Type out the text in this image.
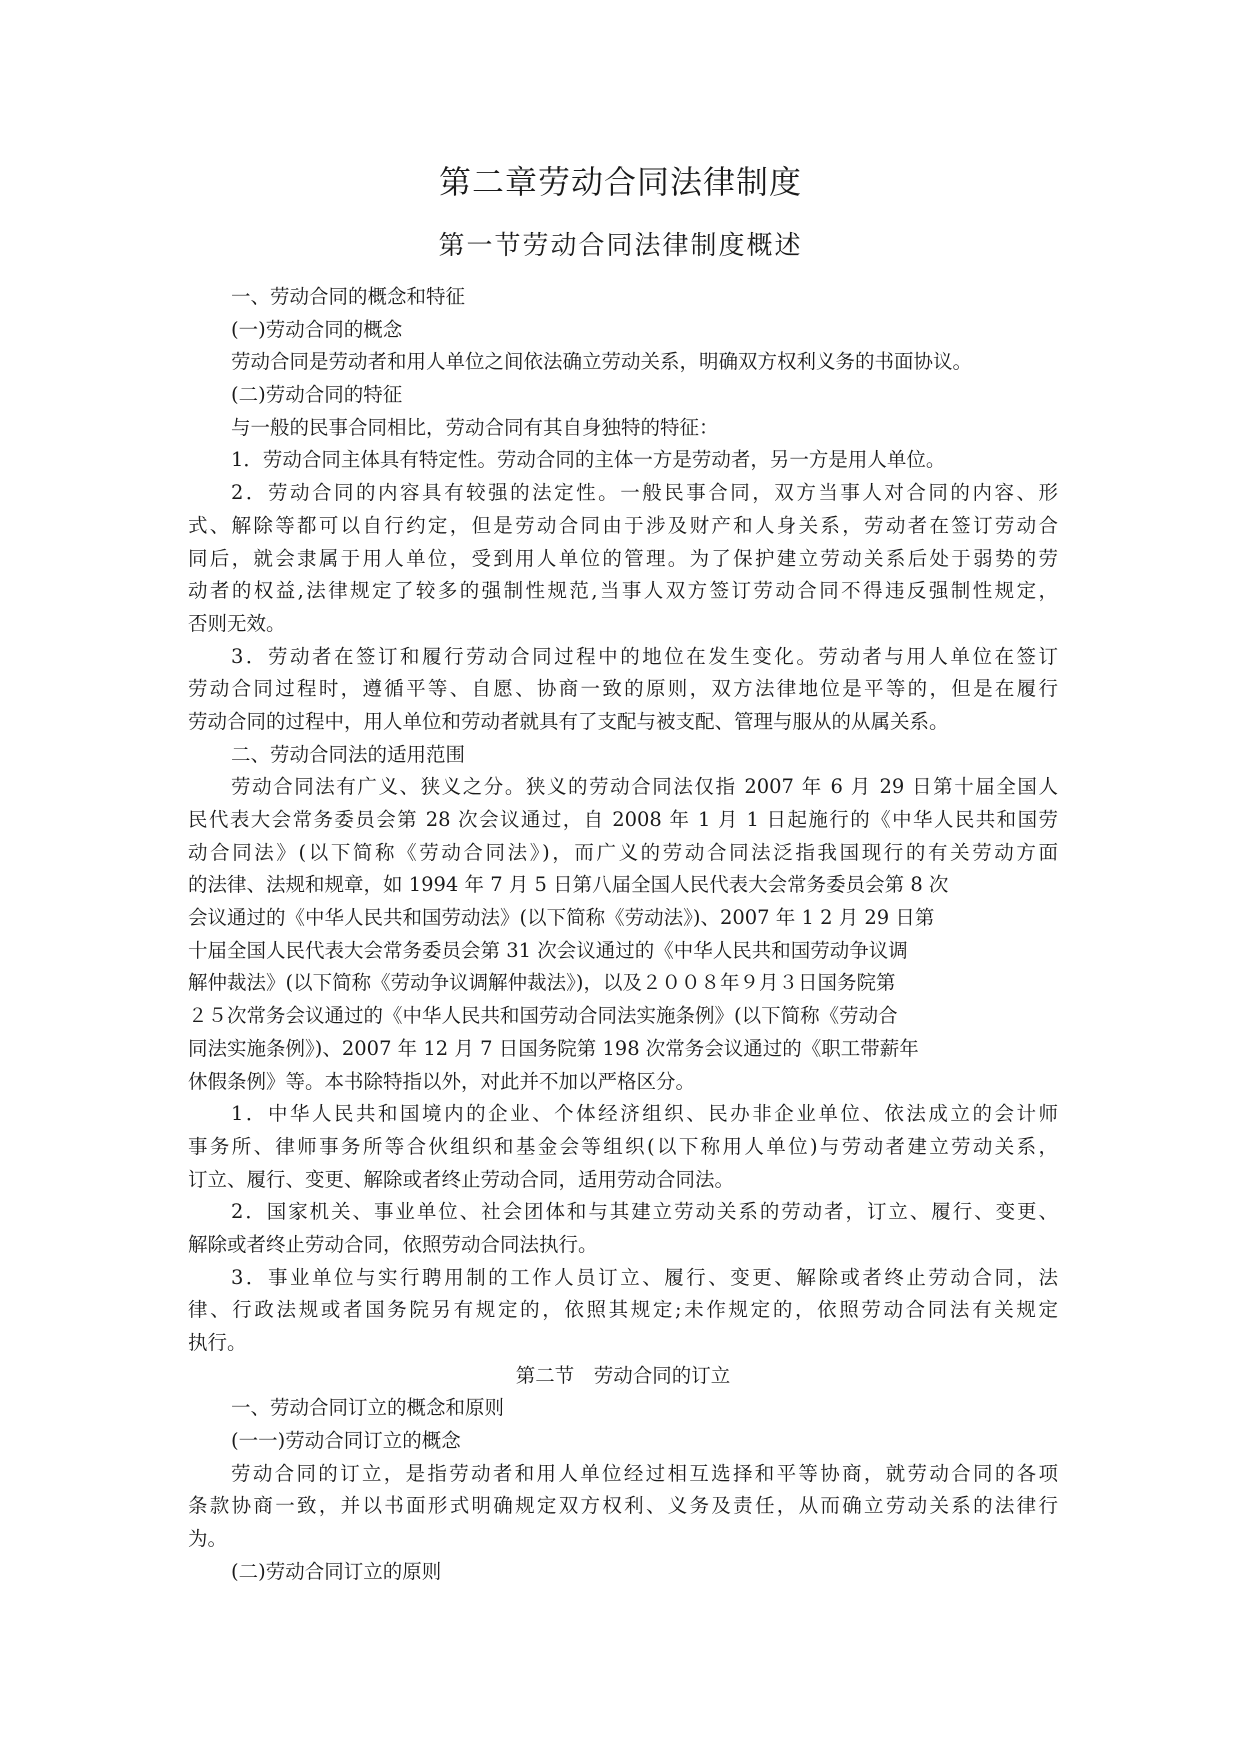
第二章劳动合同法律制度
第一节劳动合同法律制度概述
一、劳动合同的概念和特征
(一)劳动合同的概念
劳动合同是劳动者和用人单位之间依法确立劳动关系，明确双方权利义务的书面协议。
(二)劳动合同的特征
与一般的民事合同相比，劳动合同有其自身独特的特征：
1．劳动合同主体具有特定性。劳动合同的主体一方是劳动者，另一方是用人单位。
2．劳动合同的内容具有较强的法定性。一般民事合同，双方当事人对合同的内容、形
式、解除等都可以自行约定，但是劳动合同由于涉及财产和人身关系，劳动者在签订劳动合
同后，就会隶属于用人单位，受到用人单位的管理。为了保护建立劳动关系后处于弱势的劳
动者的权益,法律规定了较多的强制性规范,当事人双方签订劳动合同不得违反强制性规定，
否则无效。
3．劳动者在签订和履行劳动合同过程中的地位在发生变化。劳动者与用人单位在签订
劳动合同过程时，遵循平等、自愿、协商一致的原则，双方法律地位是平等的，但是在履行
劳动合同的过程中，用人单位和劳动者就具有了支配与被支配、管理与服从的从属关系。
二、劳动合同法的适用范围
劳动合同法有广义、狭义之分。狭义的劳动合同法仅指 2007 年 6 月 29 日第十届全国人
民代表大会常务委员会第 28 次会议通过，自 2008 年 1 月 1 日起施行的《中华人民共和国劳
动合同法》(以下简称《劳动合同法》)，而广义的劳动合同法泛指我国现行的有关劳动方面
的法律、法规和规章，如 1994 年 7 月 5 日第八届全国人民代表大会常务委员会第 8 次
会议通过的《中华人民共和国劳动法》(以下简称《劳动法》)、2007 年 1 2 月 29 日第
十届全国人民代表大会常务委员会第 31 次会议通过的《中华人民共和国劳动争议调
解仲裁法》(以下简称《劳动争议调解仲裁法》)，以及２００８年９月３日国务院第
２５次常务会议通过的《中华人民共和国劳动合同法实施条例》(以下简称《劳动合
同法实施条例》)、2007 年 12 月 7 日国务院第 198 次常务会议通过的《职工带薪年
休假条例》等。本书除特指以外，对此并不加以严格区分。
1．中华人民共和国境内的企业、个体经济组织、民办非企业单位、依法成立的会计师
事务所、律师事务所等合伙组织和基金会等组织(以下称用人单位)与劳动者建立劳动关系，
订立、履行、变更、解除或者终止劳动合同，适用劳动合同法。
2．国家机关、事业单位、社会团体和与其建立劳动关系的劳动者，订立、履行、变更、
解除或者终止劳动合同，依照劳动合同法执行。
3．事业单位与实行聘用制的工作人员订立、履行、变更、解除或者终止劳动合同，法
律、行政法规或者国务院另有规定的，依照其规定;未作规定的，依照劳动合同法有关规定
执行。
第二节　劳动合同的订立
一、劳动合同订立的概念和原则
(一一)劳动合同订立的概念
劳动合同的订立，是指劳动者和用人单位经过相互选择和平等协商，就劳动合同的各项
条款协商一致，并以书面形式明确规定双方权利、义务及责任，从而确立劳动关系的法律行
为。
(二)劳动合同订立的原则
